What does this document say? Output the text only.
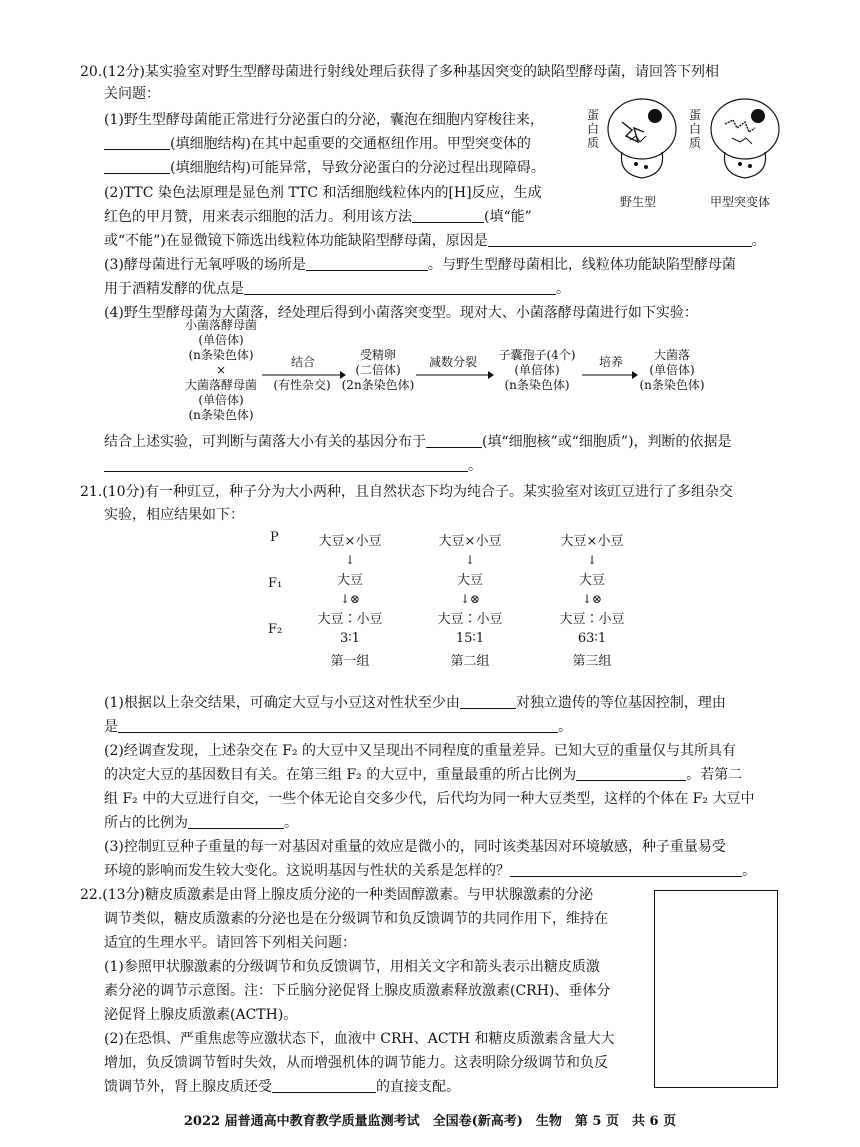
20.(12分)某实验室对野生型酵母菌进行射线处理后获得了多种基因突变的缺陷型酵母菌，请回答下列相
关问题：
(1)野生型酵母菌能正常进行分泌蛋白的分泌，囊泡在细胞内穿梭往来，
(填细胞结构)在其中起重要的交通枢纽作用。甲型突变体的
(填细胞结构)可能异常，导致分泌蛋白的分泌过程出现障碍。
(2)TTC 染色法原理是显色剂 TTC 和活细胞线粒体内的[H]反应，生成
红色的甲月赞，用来表示细胞的活力。利用该方法	(填“能”
或“不能”)在显微镜下筛选出线粒体功能缺陷型酵母菌，原因是	。
(3)酵母菌进行无氧呼吸的场所是	。与野生型酵母菌相比，线粒体功能缺陷型酵母菌
用于酒精发酵的优点是	。
(4)野生型酵母菌为大菌落，经处理后得到小菌落突变型。现对大、小菌落酵母菌进行如下实验：
蛋白质
蛋白质
野生型	甲型突变体
小菌落酵母菌
(单倍体)
(n条染色体)
×
大菌落酵母菌
(单倍体)
(n条染色体)
结合
(有性杂交)
受精卵
(二倍体)
(2n条染色体)
减数分裂	子囊孢子(4个)
(单倍体)
(n条染色体)
培养	大菌落
(单倍体)
(n条染色体)
结合上述实验，可判断与菌落大小有关的基因分布于	(填“细胞核”或“细胞质”)，判断的依据是
。
21.(10分)有一种豇豆，种子分为大小两种，且自然状态下均为纯合子。某实验室对该豇豆进行了多组杂交
实验，相应结果如下：
P
F₁
F₂
大豆×小豆
↓
大豆
↓⊗
大豆∶小豆
3∶1
第一组
大豆×小豆
↓
大豆
↓⊗
大豆∶小豆
15∶1
第二组
大豆×小豆
↓
大豆
↓⊗
大豆∶小豆
63∶1
第三组
(1)根据以上杂交结果，可确定大豆与小豆这对性状至少由	对独立遗传的等位基因控制，理由
是	。
(2)经调查发现，上述杂交在 F₂ 的大豆中又呈现出不同程度的重量差异。已知大豆的重量仅与其所具有
的决定大豆的基因数目有关。在第三组 F₂ 的大豆中，重量最重的所占比例为	。若第二
组 F₂ 中的大豆进行自交，一些个体无论自交多少代，后代均为同一种大豆类型，这样的个体在 F₂ 大豆中
所占的比例为	。
(3)控制豇豆种子重量的每一对基因对重量的效应是微小的，同时该类基因对环境敏感，种子重量易受
环境的影响而发生较大变化。这说明基因与性状的关系是怎样的？	。
22.(13分)糖皮质激素是由肾上腺皮质分泌的一种类固醇激素。与甲状腺激素的分泌
调节类似，糖皮质激素的分泌也是在分级调节和负反馈调节的共同作用下，维持在
适宜的生理水平。请回答下列相关问题：
(1)参照甲状腺激素的分级调节和负反馈调节，用相关文字和箭头表示出糖皮质激
素分泌的调节示意图。注：下丘脑分泌促肾上腺皮质激素释放激素(CRH)、垂体分
泌促肾上腺皮质激素(ACTH)。
(2)在恐惧、严重焦虑等应激状态下，血液中 CRH、ACTH 和糖皮质激素含量大大
增加，负反馈调节暂时失效，从而增强机体的调节能力。这表明除分级调节和负反
馈调节外，肾上腺皮质还受	的直接支配。
2022 届普通高中教育教学质量监测考试　全国卷(新高考)　生物　第 5 页　共 6 页
